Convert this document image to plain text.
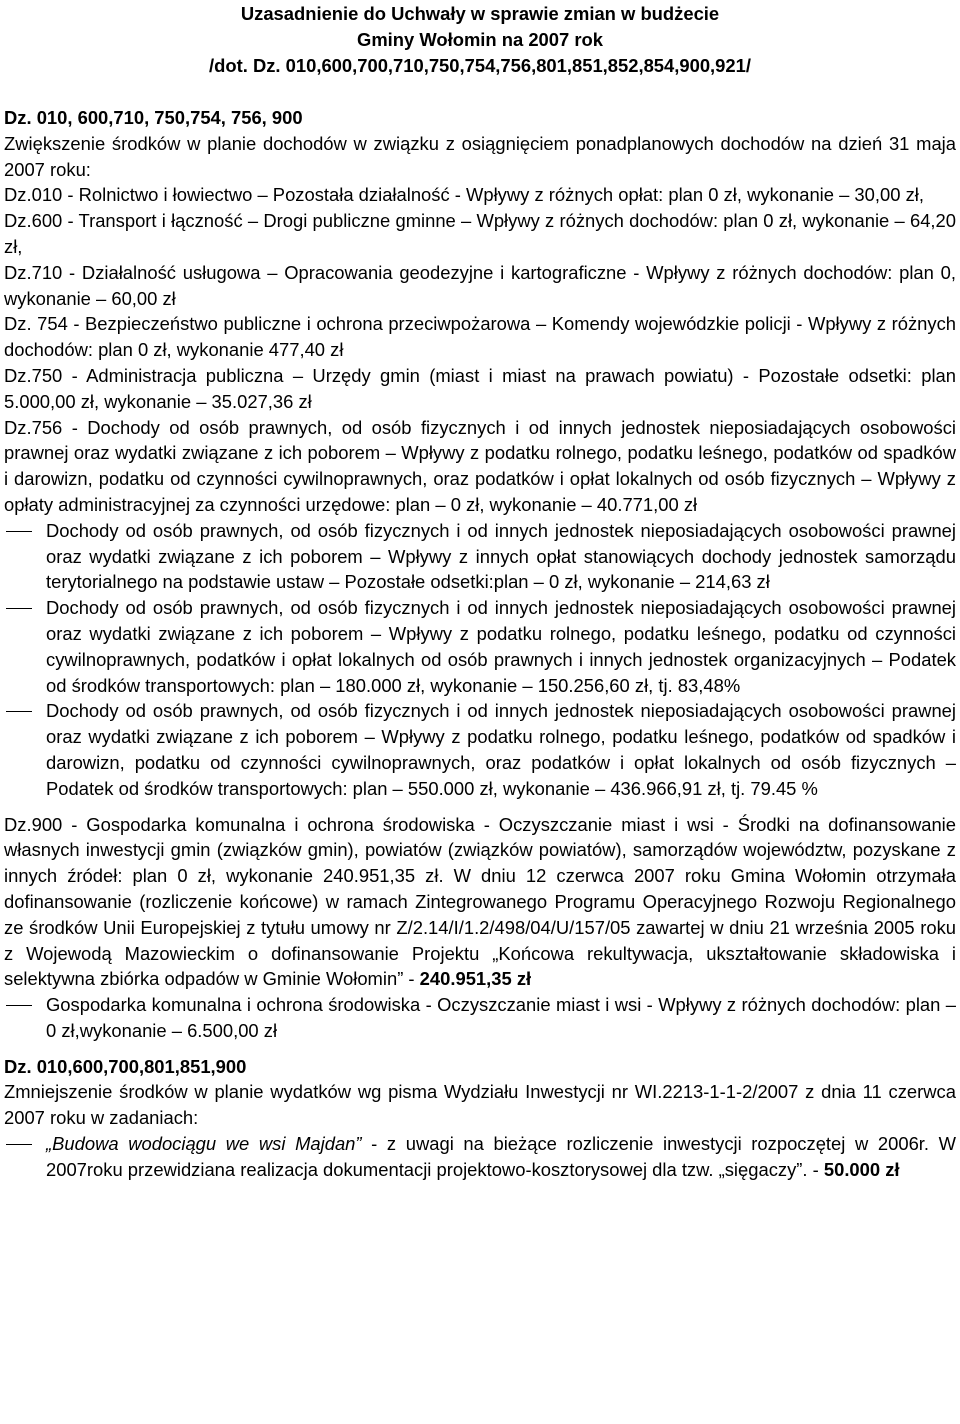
Uzasadnienie do Uchwały w sprawie zmian w budżecie
Gminy Wołomin na 2007 rok
/dot. Dz. 010,600,700,710,750,754,756,801,851,852,854,900,921/
Dz. 010, 600,710, 750,754, 756, 900

Zwiększenie środków w planie dochodów w związku z osiągnięciem ponadplanowych dochodów na dzień 31 maja 2007 roku:

Dz.010 - Rolnictwo i łowiectwo – Pozostała działalność - Wpływy z różnych opłat: plan 0 zł, wykonanie – 30,00 zł,

Dz.600 - Transport i łączność – Drogi publiczne gminne – Wpływy z różnych dochodów: plan 0 zł, wykonanie – 64,20 zł,

Dz.710 - Działalność usługowa – Opracowania geodezyjne i kartograficzne - Wpływy z różnych dochodów: plan 0, wykonanie – 60,00 zł

Dz. 754 - Bezpieczeństwo publiczne i ochrona przeciwpożarowa – Komendy wojewódzkie policji - Wpływy z różnych dochodów: plan 0 zł, wykonanie 477,40 zł

Dz.750 - Administracja publiczna – Urzędy gmin (miast i miast na prawach powiatu) - Pozostałe odsetki: plan 5.000,00 zł, wykonanie – 35.027,36 zł

Dz.756 - Dochody od osób prawnych, od osób fizycznych i od innych jednostek nieposiadających osobowości prawnej oraz wydatki związane z ich poborem – Wpływy z podatku rolnego, podatku leśnego, podatków od spadków i darowizn, podatku od czynności cywilnoprawnych, oraz podatków i opłat lokalnych od osób fizycznych – Wpływy z opłaty administracyjnej za czynności urzędowe: plan – 0 zł, wykonanie – 40.771,00 zł

Dochody od osób prawnych, od osób fizycznych i od innych jednostek nieposiadających osobowości prawnej oraz wydatki związane z ich poborem – Wpływy z innych opłat stanowiących dochody jednostek samorządu terytorialnego na podstawie ustaw – Pozostałe odsetki:plan – 0 zł, wykonanie – 214,63 zł
Dochody od osób prawnych, od osób fizycznych i od innych jednostek nieposiadających osobowości prawnej oraz wydatki związane z ich poborem – Wpływy z podatku rolnego, podatku leśnego, podatku od czynności cywilnoprawnych, podatków i opłat lokalnych od osób prawnych i innych jednostek organizacyjnych – Podatek od środków transportowych: plan – 180.000 zł, wykonanie – 150.256,60 zł, tj. 83,48%
Dochody od osób prawnych, od osób fizycznych i od innych jednostek nieposiadających osobowości prawnej oraz wydatki związane z ich poborem – Wpływy z podatku rolnego, podatku leśnego, podatków od spadków i darowizn, podatku od czynności cywilnoprawnych, oraz podatków i opłat lokalnych od osób fizycznych – Podatek od środków transportowych: plan – 550.000 zł, wykonanie – 436.966,91 zł, tj. 79.45 %

Dz.900 - Gospodarka komunalna i ochrona środowiska - Oczyszczanie miast i wsi - Środki na dofinansowanie własnych inwestycji gmin (związków gmin), powiatów (związków powiatów), samorządów województw, pozyskane z innych źródeł: plan 0 zł, wykonanie 240.951,35 zł. W dniu 12 czerwca 2007 roku Gmina Wołomin otrzymała dofinansowanie (rozliczenie końcowe) w ramach Zintegrowanego Programu Operacyjnego Rozwoju Regionalnego ze środków Unii Europejskiej z tytułu umowy nr Z/2.14/I/1.2/498/04/U/157/05 zawartej w dniu 21 września 2005 roku z Wojewodą Mazowieckim o dofinansowanie Projektu „Końcowa rekultywacja, ukształtowanie składowiska i selektywna zbiórka odpadów w Gminie Wołomin” - 240.951,35 zł

Gospodarka komunalna i ochrona środowiska - Oczyszczanie miast i wsi - Wpływy z różnych dochodów: plan – 0 zł,wykonanie – 6.500,00 zł
Dz. 010,600,700,801,851,900

Zmniejszenie środków w planie wydatków wg pisma Wydziału Inwestycji nr WI.2213-1-1-2/2007 z dnia 11 czerwca 2007 roku w zadaniach:

„Budowa wodociągu we wsi Majdan” - z uwagi na bieżące rozliczenie inwestycji rozpoczętej w 2006r. W 2007roku przewidziana realizacja dokumentacji projektowo-kosztorysowej dla tzw. „sięgaczy”. - 50.000 zł
